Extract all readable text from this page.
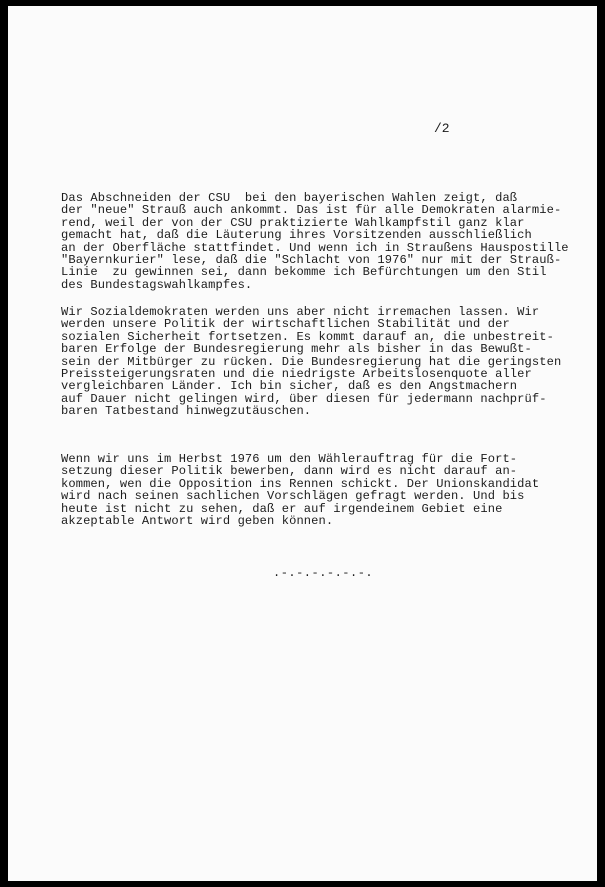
/2

Das Abschneiden der CSU  bei den bayerischen Wahlen zeigt, daß
der "neue" Strauß auch ankommt. Das ist für alle Demokraten alarmie-
rend, weil der von der CSU praktizierte Wahlkampfstil ganz klar
gemacht hat, daß die Läuterung ihres Vorsitzenden ausschließlich
an der Oberfläche stattfindet. Und wenn ich in Straußens Hauspostille
"Bayernkurier" lese, daß die "Schlacht von 1976" nur mit der Strauß-
Linie  zu gewinnen sei, dann bekomme ich Befürchtungen um den Stil
des Bundestagswahlkampfes.

Wir Sozialdemokraten werden uns aber nicht irremachen lassen. Wir
werden unsere Politik der wirtschaftlichen Stabilität und der
sozialen Sicherheit fortsetzen. Es kommt darauf an, die unbestreit-
baren Erfolge der Bundesregierung mehr als bisher in das Bewußt-
sein der Mitbürger zu rücken. Die Bundesregierung hat die geringsten
Preissteigerungsraten und die niedrigste Arbeitslosenquote aller
vergleichbaren Länder. Ich bin sicher, daß es den Angstmachern
auf Dauer nicht gelingen wird, über diesen für jedermann nachprüf-
baren Tatbestand hinwegzutäuschen.

Wenn wir uns im Herbst 1976 um den Wählerauftrag für die Fort-
setzung dieser Politik bewerben, dann wird es nicht darauf an-
kommen, wen die Opposition ins Rennen schickt. Der Unionskandidat
wird nach seinen sachlichen Vorschlägen gefragt werden. Und bis
heute ist nicht zu sehen, daß er auf irgendeinem Gebiet eine
akzeptable Antwort wird geben können.

.-.-.-.-.-.-.
